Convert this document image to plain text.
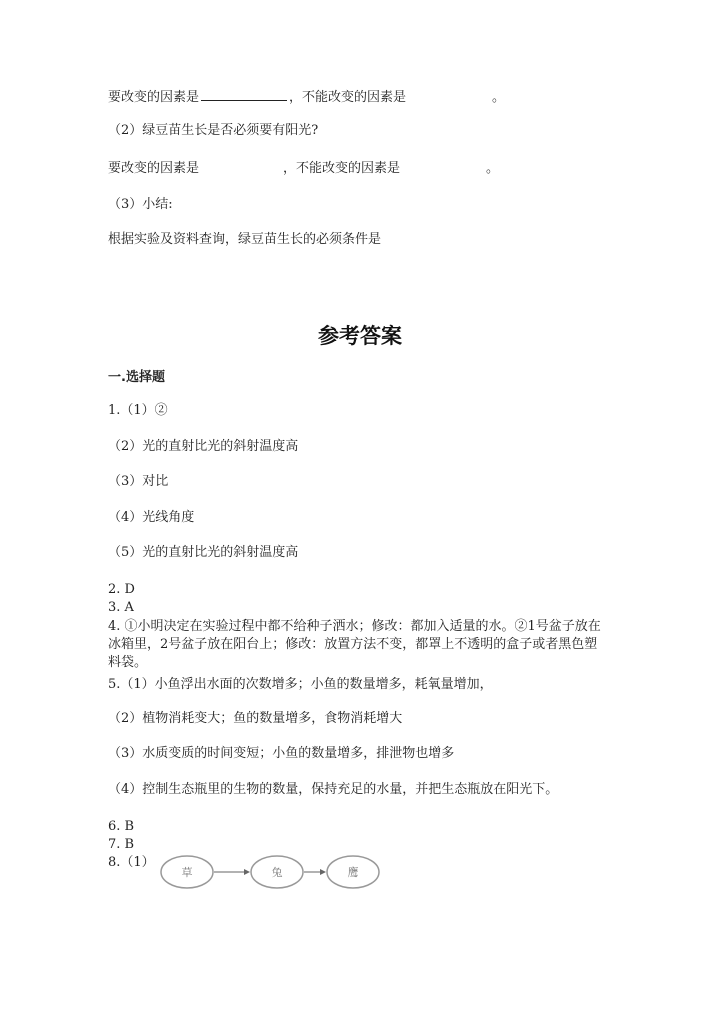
要改变的因素是	，不能改变的因素是	。
（2）绿豆苗生长是否必须要有阳光?
要改变的因素是	，不能改变的因素是	。
（3）小结:
根据实验及资料查询，绿豆苗生长的必须条件是
参考答案
一.选择题
1.（1）②
（2）光的直射比光的斜射温度高
（3）对比
（4）光线角度
（5）光的直射比光的斜射温度高
2. D
3. A
4. ①小明决定在实验过程中都不给种子洒水；修改：都加入适量的水。②1号盆子放在冰箱里，2号盆子放在阳台上；修改：放置方法不变，都罩上不透明的盒子或者黑色塑料袋。
5.（1）小鱼浮出水面的次数增多；小鱼的数量增多，耗氧量增加，
（2）植物消耗变大；鱼的数量增多，食物消耗增大
（3）水质变质的时间变短；小鱼的数量增多，排泄物也增多
（4）控制生态瓶里的生物的数量，保持充足的水量，并把生态瓶放在阳光下。
6. B
7. B
8.（1）
草	兔	鹰
